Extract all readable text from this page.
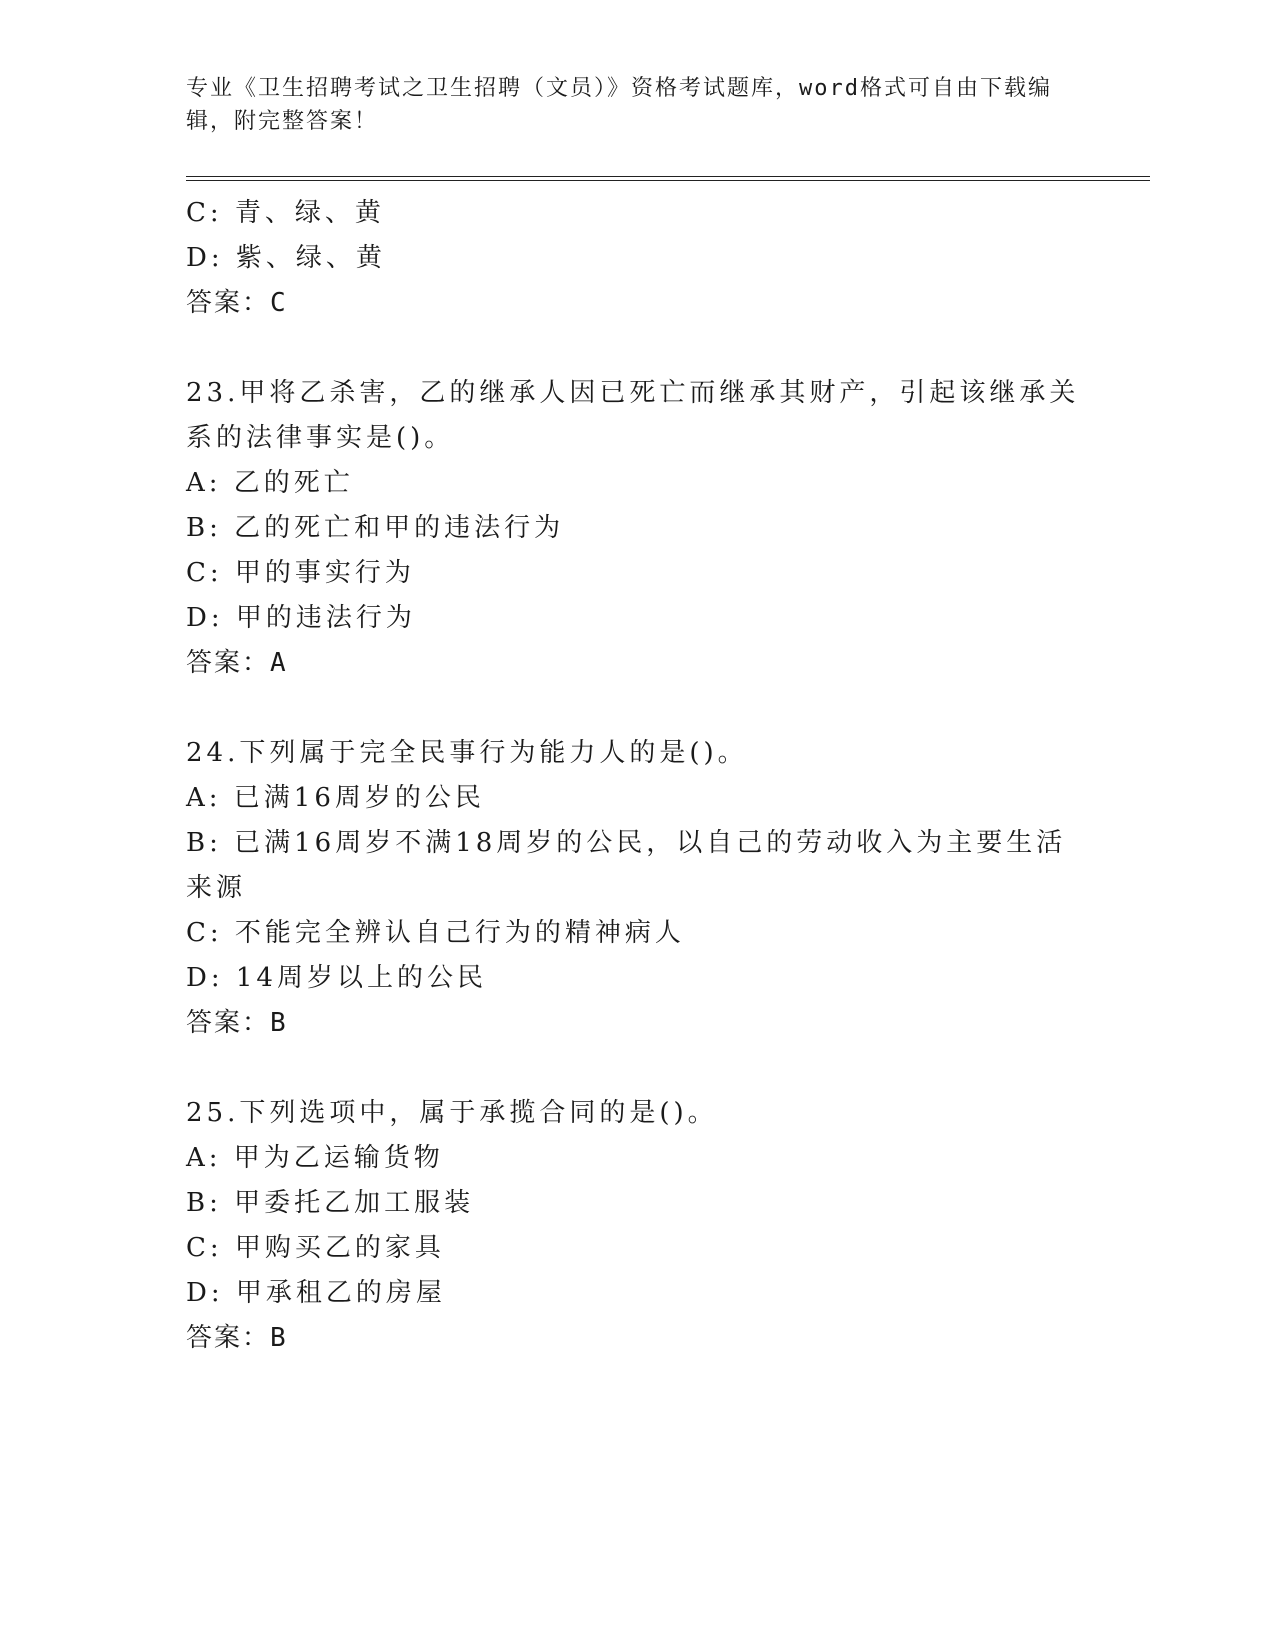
专业《卫生招聘考试之卫生招聘（文员）》资格考试题库，word格式可自由下载编辑，附完整答案！
C: 青、绿、黄
D: 紫、绿、黄
答案：C
23.甲将乙杀害，乙的继承人因已死亡而继承其财产，引起该继承关系的法律事实是()。
A: 乙的死亡
B: 乙的死亡和甲的违法行为
C: 甲的事实行为
D: 甲的违法行为
答案：A
24.下列属于完全民事行为能力人的是()。
A: 已满16周岁的公民
B: 已满16周岁不满18周岁的公民，以自己的劳动收入为主要生活来源
C: 不能完全辨认自己行为的精神病人
D: 14周岁以上的公民
答案：B
25.下列选项中，属于承揽合同的是()。
A: 甲为乙运输货物
B: 甲委托乙加工服装
C: 甲购买乙的家具
D: 甲承租乙的房屋
答案：B
